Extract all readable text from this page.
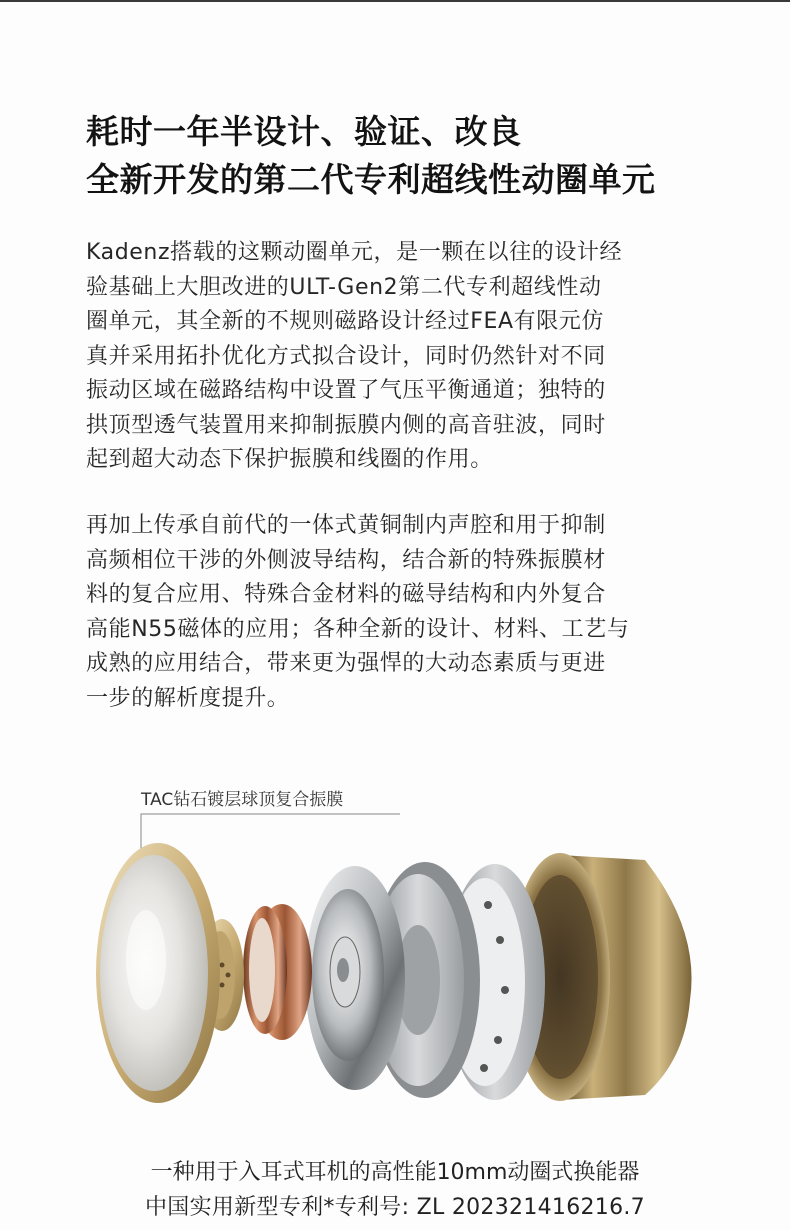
耗时一年半设计、验证、改良
全新开发的第二代专利超线性动圈单元
Kadenz搭载的这颗动圈单元，是一颗在以往的设计经
验基础上大胆改进的ULT-Gen2第二代专利超线性动
圈单元，其全新的不规则磁路设计经过FEA有限元仿
真并采用拓扑优化方式拟合设计，同时仍然针对不同
振动区域在磁路结构中设置了气压平衡通道；独特的
拱顶型透气装置用来抑制振膜内侧的高音驻波，同时
起到超大动态下保护振膜和线圈的作用。
再加上传承自前代的一体式黄铜制内声腔和用于抑制
高频相位干涉的外侧波导结构，结合新的特殊振膜材
料的复合应用、特殊合金材料的磁导结构和内外复合
高能N55磁体的应用；各种全新的设计、材料、工艺与
成熟的应用结合，带来更为强悍的大动态素质与更进
一步的解析度提升。
TAC钻石镀层球顶复合振膜
一种用于入耳式耳机的高性能10mm动圈式换能器
中国实用新型专利*专利号: ZL 202321416216.7
